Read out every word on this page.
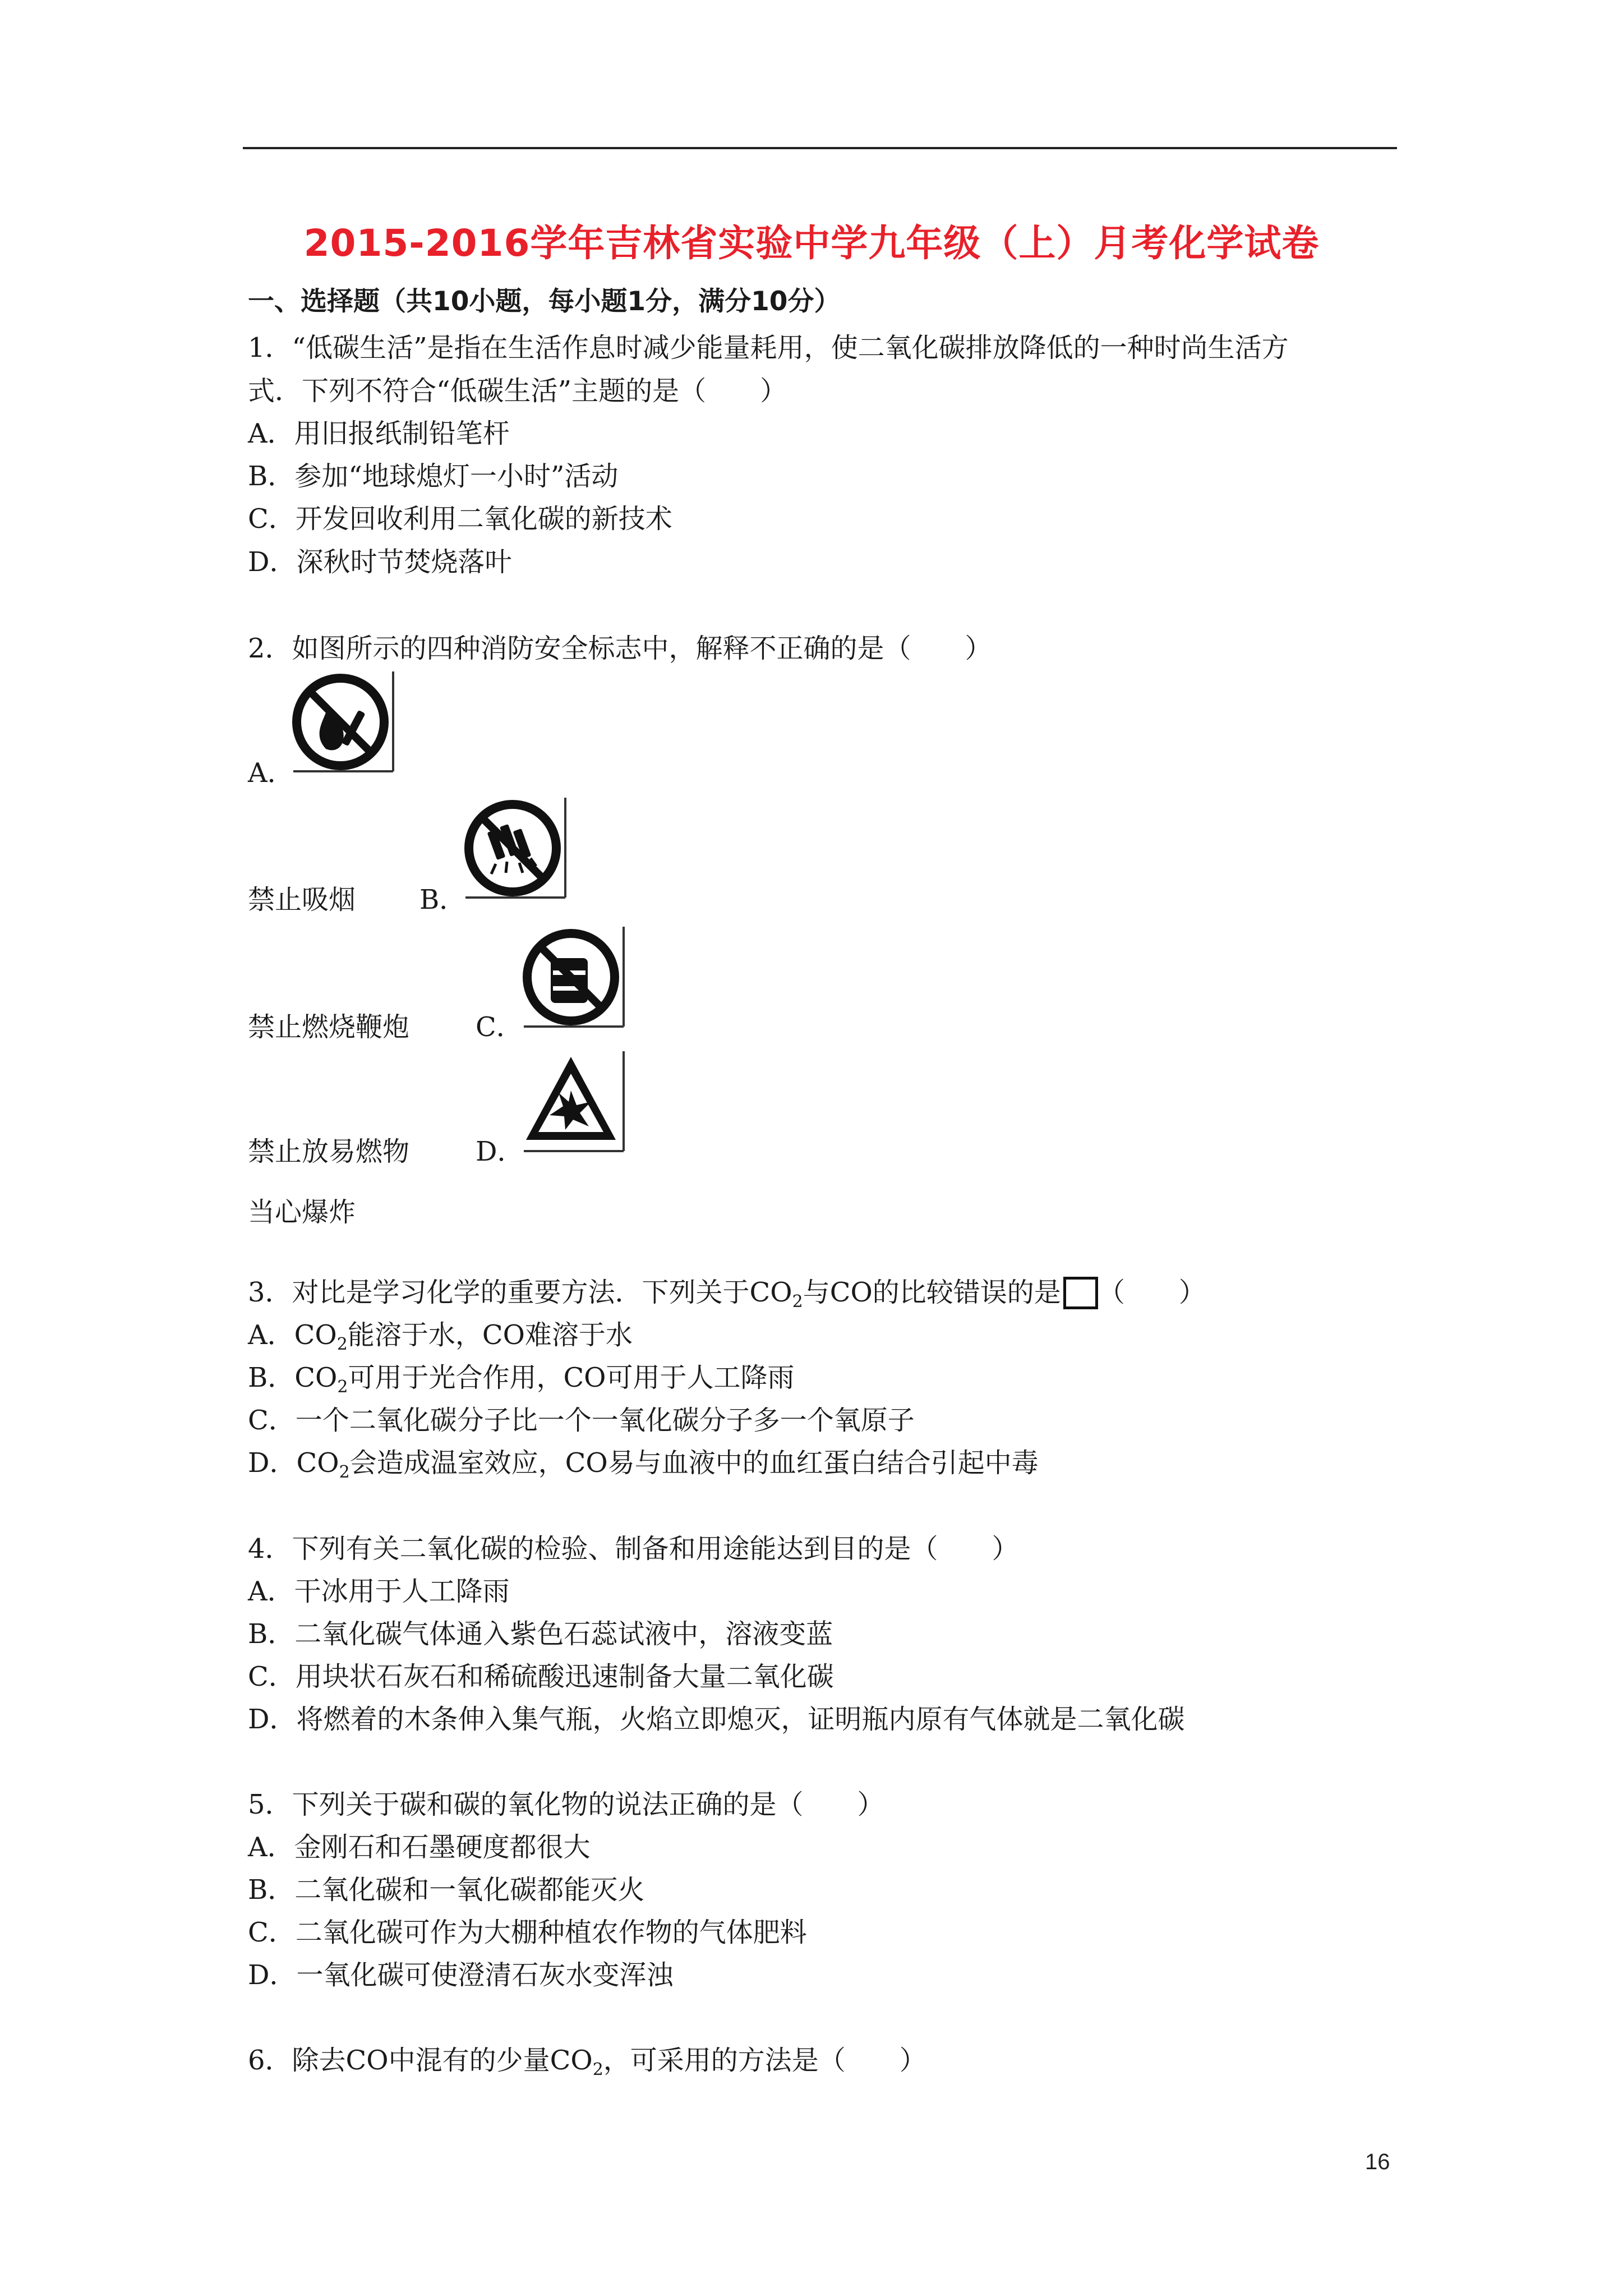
2015-2016学年吉林省实验中学九年级（上）月考化学试卷
一、选择题（共10小题，每小题1分，满分10分）
1．“低碳生活”是指在生活作息时减少能量耗用，使二氧化碳排放降低的一种时尚生活方
式．下列不符合“低碳生活”主题的是（　　）
A．用旧报纸制铅笔杆
B．参加“地球熄灯一小时”活动
C．开发回收利用二氧化碳的新技术
D．深秋时节焚烧落叶
2．如图所示的四种消防安全标志中，解释不正确的是（　　）
A．
禁止吸烟 B．
禁止燃烧鞭炮 C．
禁止放易燃物 D．
当心爆炸
3．对比是学习化学的重要方法．下列关于$CO_2$与CO的比较错误的是 （　　）
A．$CO_2$能溶于水，CO难溶于水
B．$CO_2$可用于光合作用，CO可用于人工降雨
C．一个二氧化碳分子比一个一氧化碳分子多一个氧原子
D．$CO_2$会造成温室效应，CO易与血液中的血红蛋白结合引起中毒
4．下列有关二氧化碳的检验、制备和用途能达到目的是（　　）
A．干冰用于人工降雨
B．二氧化碳气体通入紫色石蕊试液中，溶液变蓝
C．用块状石灰石和稀硫酸迅速制备大量二氧化碳
D．将燃着的木条伸入集气瓶，火焰立即熄灭，证明瓶内原有气体就是二氧化碳
5．下列关于碳和碳的氧化物的说法正确的是（　　）
A．金刚石和石墨硬度都很大
B．二氧化碳和一氧化碳都能灭火
C．二氧化碳可作为大棚种植农作物的气体肥料
D．一氧化碳可使澄清石灰水变浑浊
6．除去CO中混有的少量$CO_2$，可采用的方法是（　　）
16
